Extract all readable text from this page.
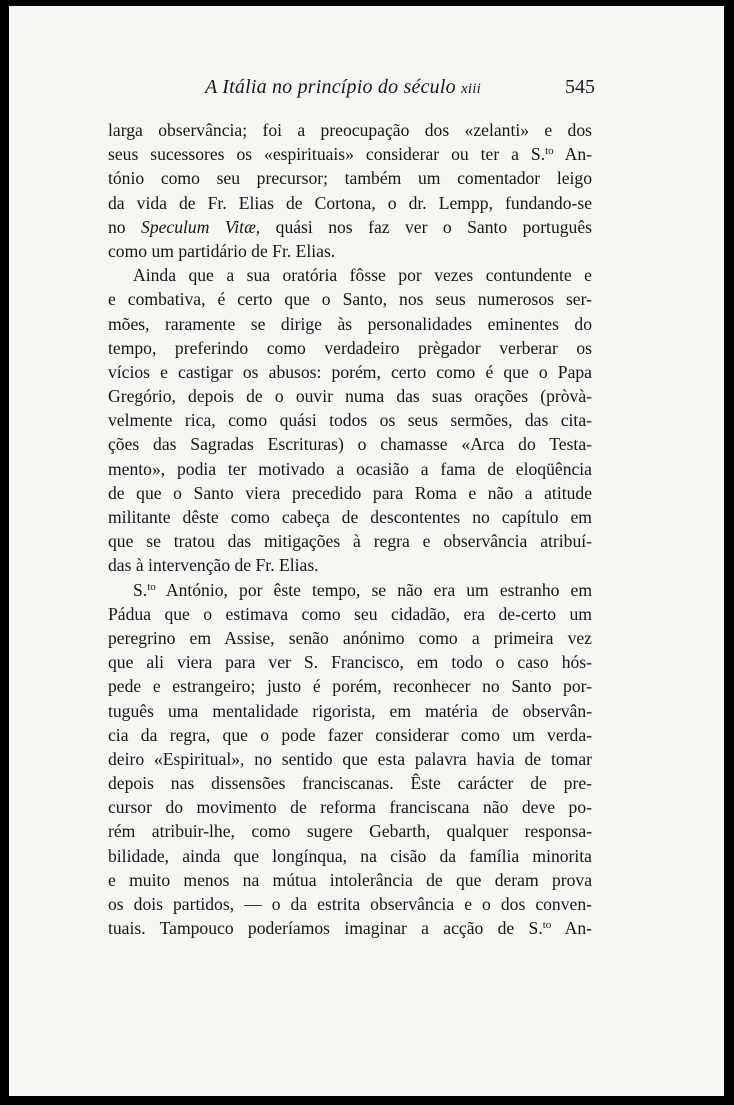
A Itália no princípio do século xiii	545
larga observância; foi a preocupação dos «zelanti» e dos
seus sucessores os «espirituais» considerar ou ter a S.$^{to}$ An-
tónio como seu precursor; também um comentador leigo
da vida de Fr. Elias de Cortona, o dr. Lempp, fundando-se
no Speculum Vitæ, quási nos faz ver o Santo português
como um partidário de Fr. Elias.
Ainda que a sua oratória fôsse por vezes contundente e
e combativa, é certo que o Santo, nos seus numerosos ser-
mões, raramente se dirige às personalidades eminentes do
tempo, preferindo como verdadeiro prègador verberar os
vícios e castigar os abusos: porém, certo como é que o Papa
Gregório, depois de o ouvir numa das suas orações (pròvà-
velmente rica, como quási todos os seus sermões, das cita-
ções das Sagradas Escrituras) o chamasse «Arca do Testa-
mento», podia ter motivado a ocasião a fama de eloqüência
de que o Santo viera precedido para Roma e não a atitude
militante dêste como cabeça de descontentes no capítulo em
que se tratou das mitigações à regra e observância atribuí-
das à intervenção de Fr. Elias.
S.$^{to}$ António, por êste tempo, se não era um estranho em
Pádua que o estimava como seu cidadão, era de-certo um
peregrino em Assise, senão anónimo como a primeira vez
que ali viera para ver S. Francisco, em todo o caso hós-
pede e estrangeiro; justo é porém, reconhecer no Santo por-
tuguês uma mentalidade rigorista, em matéria de observân-
cia da regra, que o pode fazer considerar como um verda-
deiro «Espiritual», no sentido que esta palavra havia de tomar
depois nas dissensões franciscanas. Êste carácter de pre-
cursor do movimento de reforma franciscana não deve po-
rém atribuir-lhe, como sugere Gebarth, qualquer responsa-
bilidade, ainda que longínqua, na cisão da família minorita
e muito menos na mútua intolerância de que deram prova
os dois partidos, — o da estrita observância e o dos conven-
tuais. Tampouco poderíamos imaginar a acção de S.$^{to}$ An-
